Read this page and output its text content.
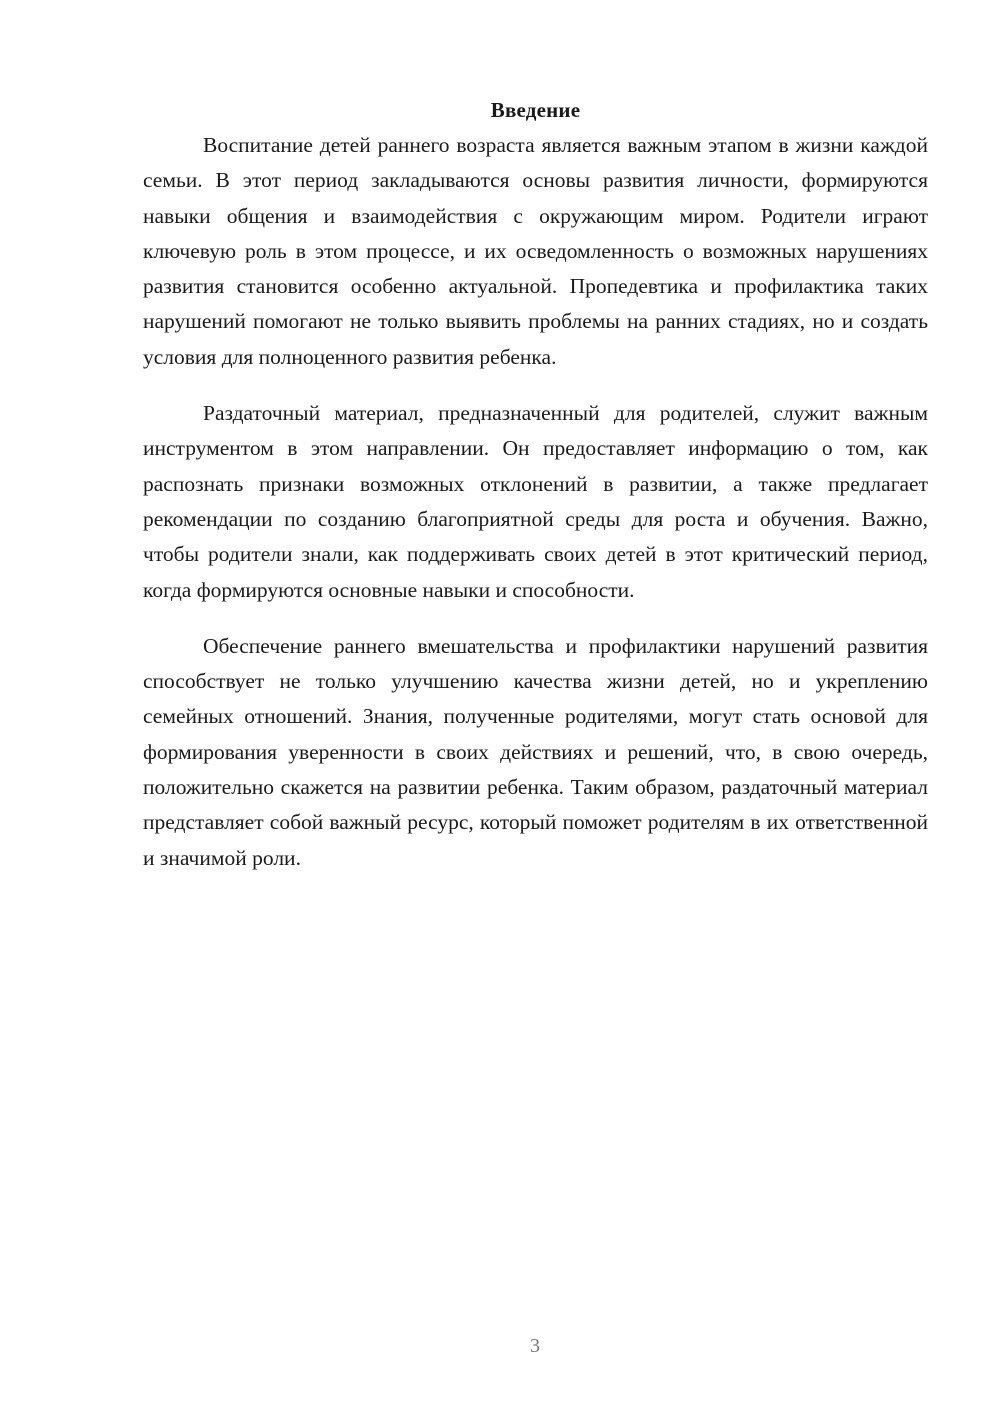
Введение

Воспитание детей раннего возраста является важным этапом в жизни каждой семьи. В этот период закладываются основы развития личности, формируются навыки общения и взаимодействия с окружающим миром. Родители играют ключевую роль в этом процессе, и их осведомленность о возможных нарушениях развития становится особенно актуальной. Пропедевтика и профилактика таких нарушений помогают не только выявить проблемы на ранних стадиях, но и создать условия для полноценного развития ребенка.

Раздаточный материал, предназначенный для родителей, служит важным инструментом в этом направлении. Он предоставляет информацию о том, как распознать признаки возможных отклонений в развитии, а также предлагает рекомендации по созданию благоприятной среды для роста и обучения. Важно, чтобы родители знали, как поддерживать своих детей в этот критический период, когда формируются основные навыки и способности.

Обеспечение раннего вмешательства и профилактики нарушений развития способствует не только улучшению качества жизни детей, но и укреплению семейных отношений. Знания, полученные родителями, могут стать основой для формирования уверенности в своих действиях и решений, что, в свою очередь, положительно скажется на развитии ребенка. Таким образом, раздаточный материал представляет собой важный ресурс, который поможет родителям в их ответственной и значимой роли.

3
